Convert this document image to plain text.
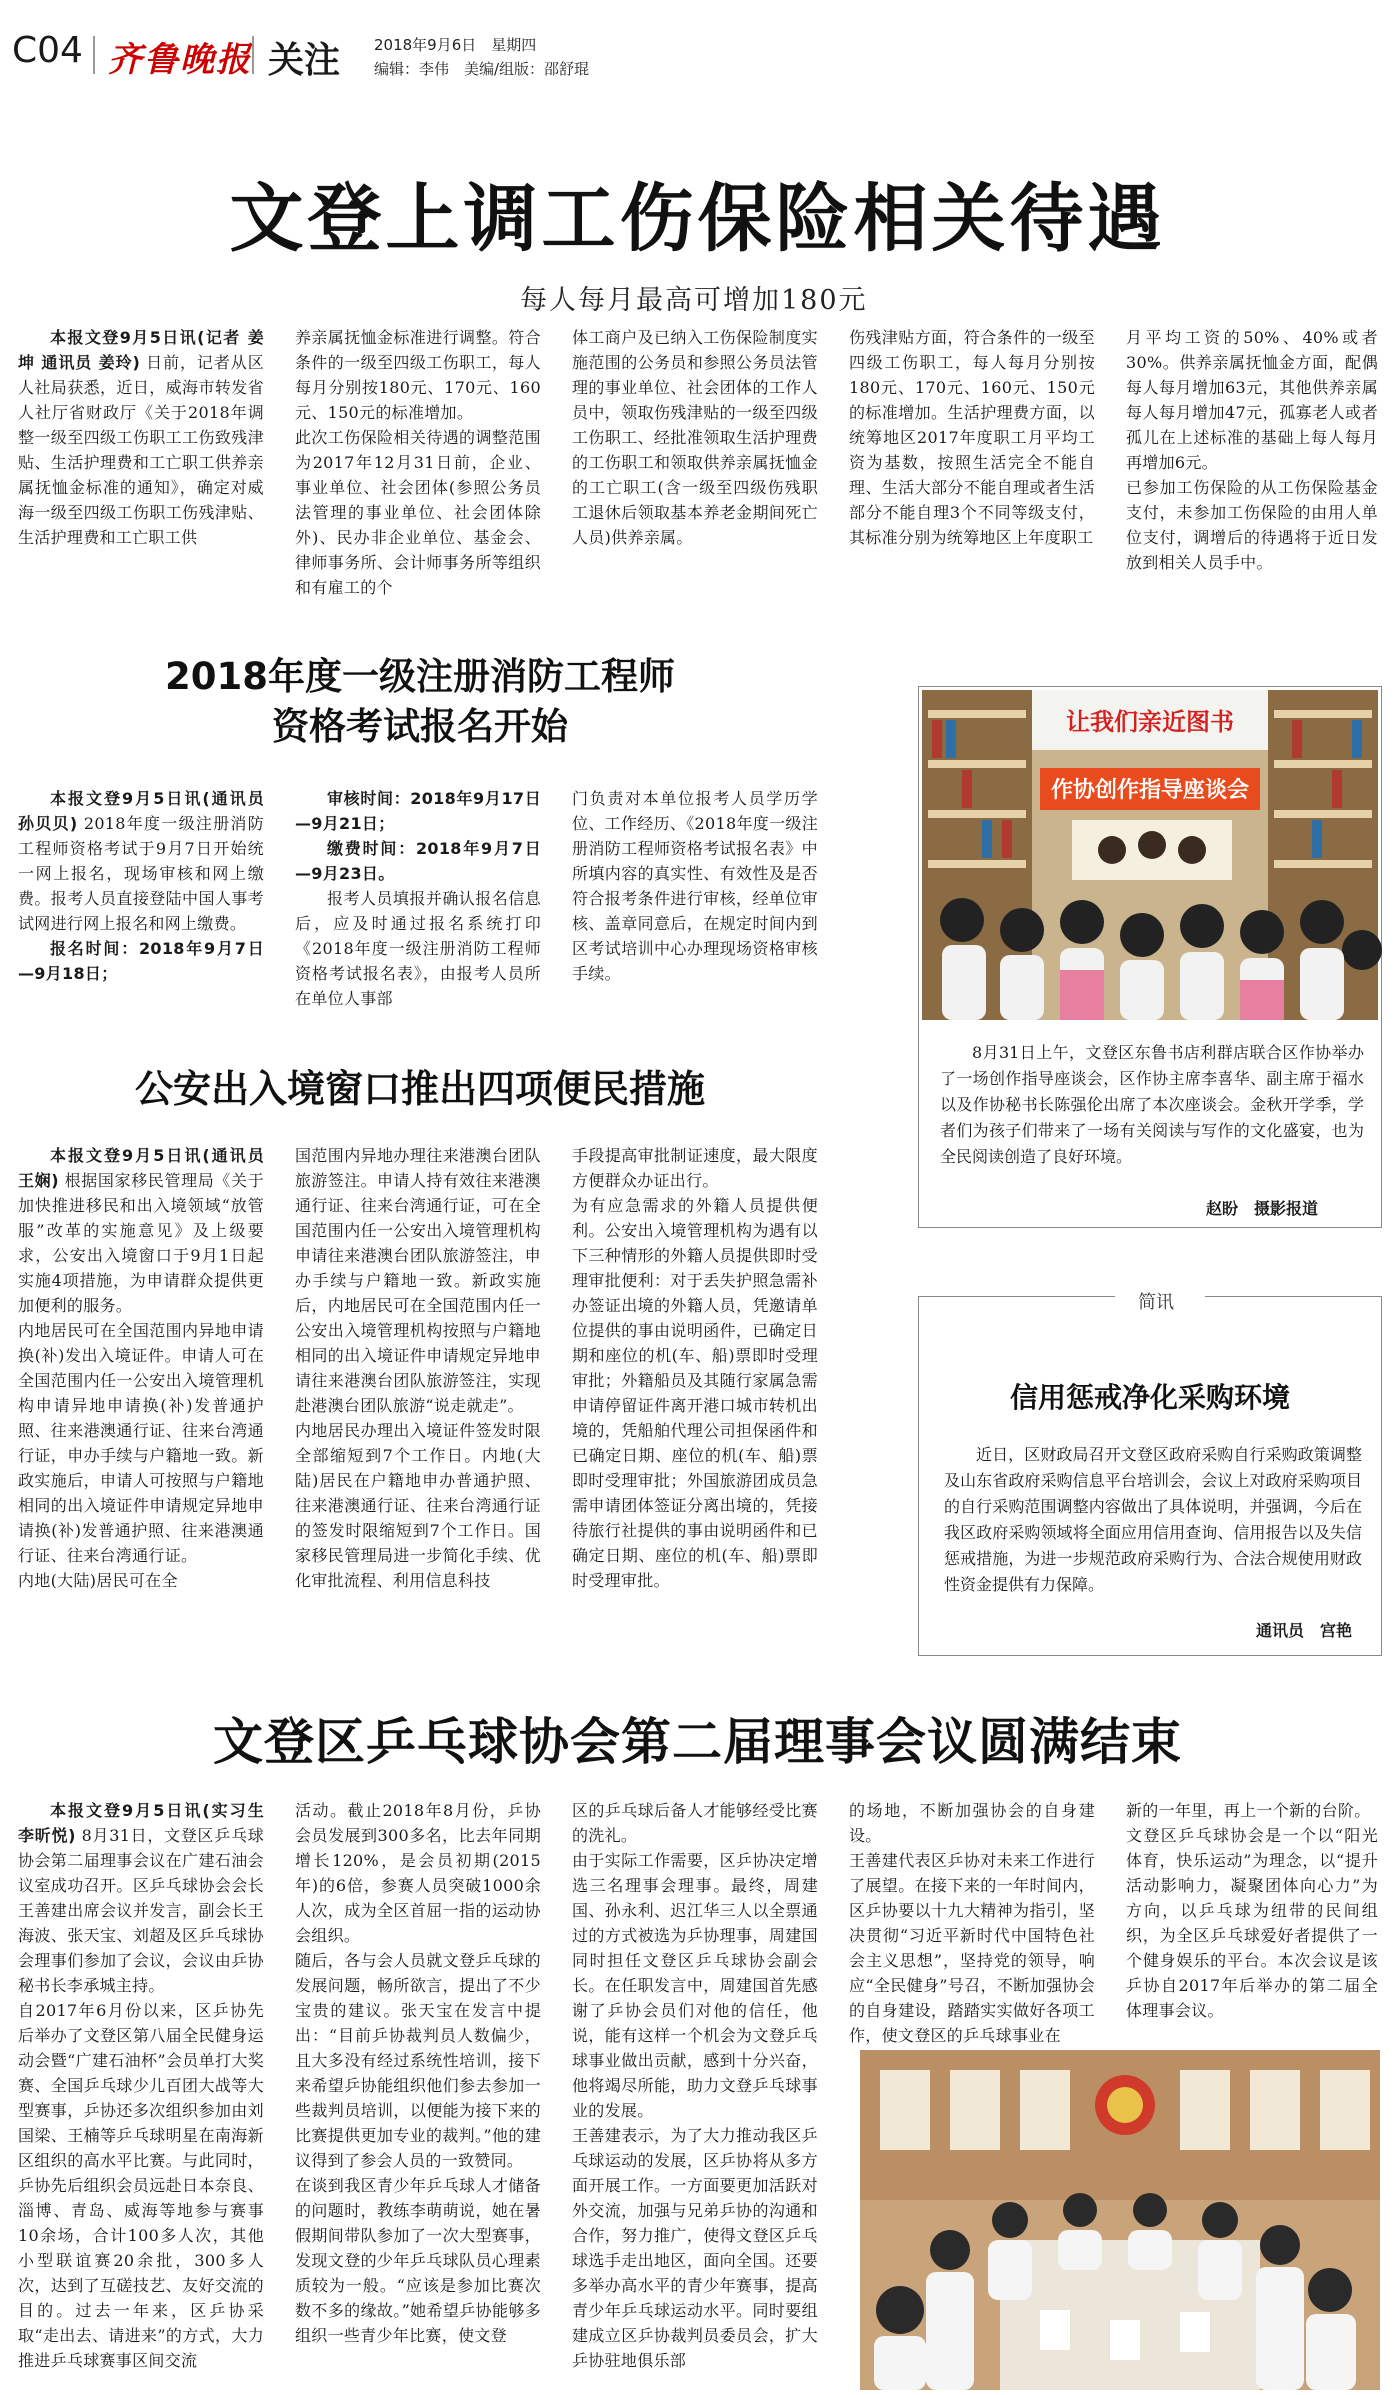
C04 齐鲁晚报 关注 2018年9月6日　星期四
编辑：李伟　美编/组版：邵舒琨
文登上调工伤保险相关待遇
每人每月最高可增加180元

本报文登9月5日讯(记者 姜坤 通讯员 姜玲) 日前，记者从区人社局获悉，近日，威海市转发省人社厅省财政厅《关于2018年调整一级至四级工伤职工工伤致残津贴、生活护理费和工亡职工供养亲属抚恤金标准的通知》，确定对威海一级至四级工伤职工伤残津贴、生活护理费和工亡职工供

养亲属抚恤金标准进行调整。符合条件的一级至四级工伤职工，每人每月分别按180元、170元、160元、150元的标准增加。
此次工伤保险相关待遇的调整范围为2017年12月31日前，企业、事业单位、社会团体(参照公务员法管理的事业单位、社会团体除外)、民办非企业单位、基金会、律师事务所、会计师事务所等组织和有雇工的个
体工商户及已纳入工伤保险制度实施范围的公务员和参照公务员法管理的事业单位、社会团体的工作人员中，领取伤残津贴的一级至四级工伤职工、经批准领取生活护理费的工伤职工和领取供养亲属抚恤金的工亡职工(含一级至四级伤残职工退休后领取基本养老金期间死亡人员)供养亲属。
伤残津贴方面，符合条件的一级至四级工伤职工，每人每月分别按180元、170元、160元、150元的标准增加。生活护理费方面，以统筹地区2017年度职工月平均工资为基数，按照生活完全不能自理、生活大部分不能自理或者生活部分不能自理3个不同等级支付，其标准分别为统筹地区上年度职工
月平均工资的50%、40%或者30%。供养亲属抚恤金方面，配偶每人每月增加63元，其他供养亲属每人每月增加47元，孤寡老人或者孤儿在上述标准的基础上每人每月再增加6元。
已参加工伤保险的从工伤保险基金支付，未参加工伤保险的由用人单位支付，调增后的待遇将于近日发放到相关人员手中。
2018年度一级注册消防工程师
资格考试报名开始

本报文登9月5日讯(通讯员 孙贝贝) 2018年度一级注册消防工程师资格考试于9月7日开始统一网上报名，现场审核和网上缴费。报考人员直接登陆中国人事考试网进行网上报名和网上缴费。

报名时间：2018年9月7日—9月18日；

审核时间：2018年9月17日—9月21日；

缴费时间：2018年9月7日—9月23日。

报考人员填报并确认报名信息后，应及时通过报名系统打印《2018年度一级注册消防工程师资格考试报名表》，由报考人员所在单位人事部

门负责对本单位报考人员学历学位、工作经历、《2018年度一级注册消防工程师资格考试报名表》中所填内容的真实性、有效性及是否符合报考条件进行审核，经单位审核、盖章同意后，在规定时间内到区考试培训中心办理现场资格审核手续。
让我们亲近图书
作协创作指导座谈会
8月31日上午，文登区东鲁书店利群店联合区作协举办了一场创作指导座谈会，区作协主席李喜华、副主席于福水以及作协秘书长陈强伦出席了本次座谈会。金秋开学季，学者们为孩子们带来了一场有关阅读与写作的文化盛宴，也为全民阅读创造了良好环境。
赵盼　摄影报道
公安出入境窗口推出四项便民措施

本报文登9月5日讯(通讯员 王娴) 根据国家移民管理局《关于加快推进移民和出入境领域“放管服”改革的实施意见》及上级要求，公安出入境窗口于9月1日起实施4项措施，为申请群众提供更加便利的服务。
内地居民可在全国范围内异地申请换(补)发出入境证件。申请人可在全国范围内任一公安出入境管理机构申请异地申请换(补)发普通护照、往来港澳通行证、往来台湾通行证，申办手续与户籍地一致。新政实施后，申请人可按照与户籍地相同的出入境证件申请规定异地申请换(补)发普通护照、往来港澳通行证、往来台湾通行证。
内地(大陆)居民可在全

国范围内异地办理往来港澳台团队旅游签注。申请人持有效往来港澳通行证、往来台湾通行证，可在全国范围内任一公安出入境管理机构申请往来港澳台团队旅游签注，申办手续与户籍地一致。新政实施后，内地居民可在全国范围内任一公安出入境管理机构按照与户籍地相同的出入境证件申请规定异地申请往来港澳台团队旅游签注，实现赴港澳台团队旅游“说走就走”。
内地居民办理出入境证件签发时限全部缩短到7个工作日。内地(大陆)居民在户籍地申办普通护照、往来港澳通行证、往来台湾通行证的签发时限缩短到7个工作日。国家移民管理局进一步简化手续、优化审批流程、利用信息科技
手段提高审批制证速度，最大限度方便群众办证出行。
为有应急需求的外籍人员提供便利。公安出入境管理机构为遇有以下三种情形的外籍人员提供即时受理审批便利：对于丢失护照急需补办签证出境的外籍人员，凭邀请单位提供的事由说明函件，已确定日期和座位的机(车、船)票即时受理审批；外籍船员及其随行家属急需申请停留证件离开港口城市转机出境的，凭船舶代理公司担保函件和已确定日期、座位的机(车、船)票即时受理审批；外国旅游团成员急需申请团体签证分离出境的，凭接待旅行社提供的事由说明函件和已确定日期、座位的机(车、船)票即时受理审批。
简讯
信用惩戒净化采购环境
近日，区财政局召开文登区政府采购自行采购政策调整及山东省政府采购信息平台培训会，会议上对政府采购项目的自行采购范围调整内容做出了具体说明，并强调，今后在我区政府采购领域将全面应用信用查询、信用报告以及失信惩戒措施，为进一步规范政府采购行为、合法合规使用财政性资金提供有力保障。
通讯员　宫艳
文登区乒乓球协会第二届理事会议圆满结束

本报文登9月5日讯(实习生 李昕悦) 8月31日，文登区乒乓球协会第二届理事会议在广建石油会议室成功召开。区乒乓球协会会长王善建出席会议并发言，副会长王海波、张天宝、刘超及区乒乓球协会理事们参加了会议，会议由乒协秘书长李承城主持。
自2017年6月份以来，区乒协先后举办了文登区第八届全民健身运动会暨“广建石油杯”会员单打大奖赛、全国乒乓球少儿百团大战等大型赛事，乒协还多次组织参加由刘国梁、王楠等乒乓球明星在南海新区组织的高水平比赛。与此同时，乒协先后组织会员远赴日本奈良、淄博、青岛、威海等地参与赛事10余场，合计100多人次，其他小型联谊赛20余批，300多人次，达到了互磋技艺、友好交流的目的。过去一年来，区乒协采取“走出去、请进来”的方式，大力推进乒乓球赛事区间交流

活动。截止2018年8月份，乒协会员发展到300多名，比去年同期增长120%，是会员初期(2015年)的6倍，参赛人员突破1000余人次，成为全区首屈一指的运动协会组织。
随后，各与会人员就文登乒乓球的发展问题，畅所欲言，提出了不少宝贵的建议。张天宝在发言中提出：“目前乒协裁判员人数偏少，且大多没有经过系统性培训，接下来希望乒协能组织他们参去参加一些裁判员培训，以便能为接下来的比赛提供更加专业的裁判。”他的建议得到了参会人员的一致赞同。
在谈到我区青少年乒乓球人才储备的问题时，教练李萌萌说，她在暑假期间带队参加了一次大型赛事，发现文登的少年乒乓球队员心理素质较为一般。“应该是参加比赛次数不多的缘故。”她希望乒协能够多组织一些青少年比赛，使文登
区的乒乓球后备人才能够经受比赛的洗礼。
由于实际工作需要，区乒协决定增选三名理事会理事。最终，周建国、孙永利、迟江华三人以全票通过的方式被选为乒协理事，周建国同时担任文登区乒乓球协会副会长。在任职发言中，周建国首先感谢了乒协会员们对他的信任，他说，能有这样一个机会为文登乒乓球事业做出贡献，感到十分兴奋，他将竭尽所能，助力文登乒乓球事业的发展。
王善建表示，为了大力推动我区乒乓球运动的发展，区乒协将从多方面开展工作。一方面要更加活跃对外交流，加强与兄弟乒协的沟通和合作，努力推广，使得文登区乒乓球选手走出地区，面向全国。还要多举办高水平的青少年赛事，提高青少年乒乓球运动水平。同时要组建成立区乒协裁判员委员会，扩大乒协驻地俱乐部
的场地，不断加强协会的自身建设。
王善建代表区乒协对未来工作进行了展望。在接下来的一年时间内，区乒协要以十九大精神为指引，坚决贯彻“习近平新时代中国特色社会主义思想”，坚持党的领导，响应“全民健身”号召，不断加强协会的自身建设，踏踏实实做好各项工作，使文登区的乒乓球事业在
新的一年里，再上一个新的台阶。
文登区乒乓球协会是一个以“阳光体育，快乐运动”为理念，以“提升活动影响力，凝聚团体向心力”为方向，以乒乓球为纽带的民间组织，为全区乒乓球爱好者提供了一个健身娱乐的平台。本次会议是该乒协自2017年后举办的第二届全体理事会议。
